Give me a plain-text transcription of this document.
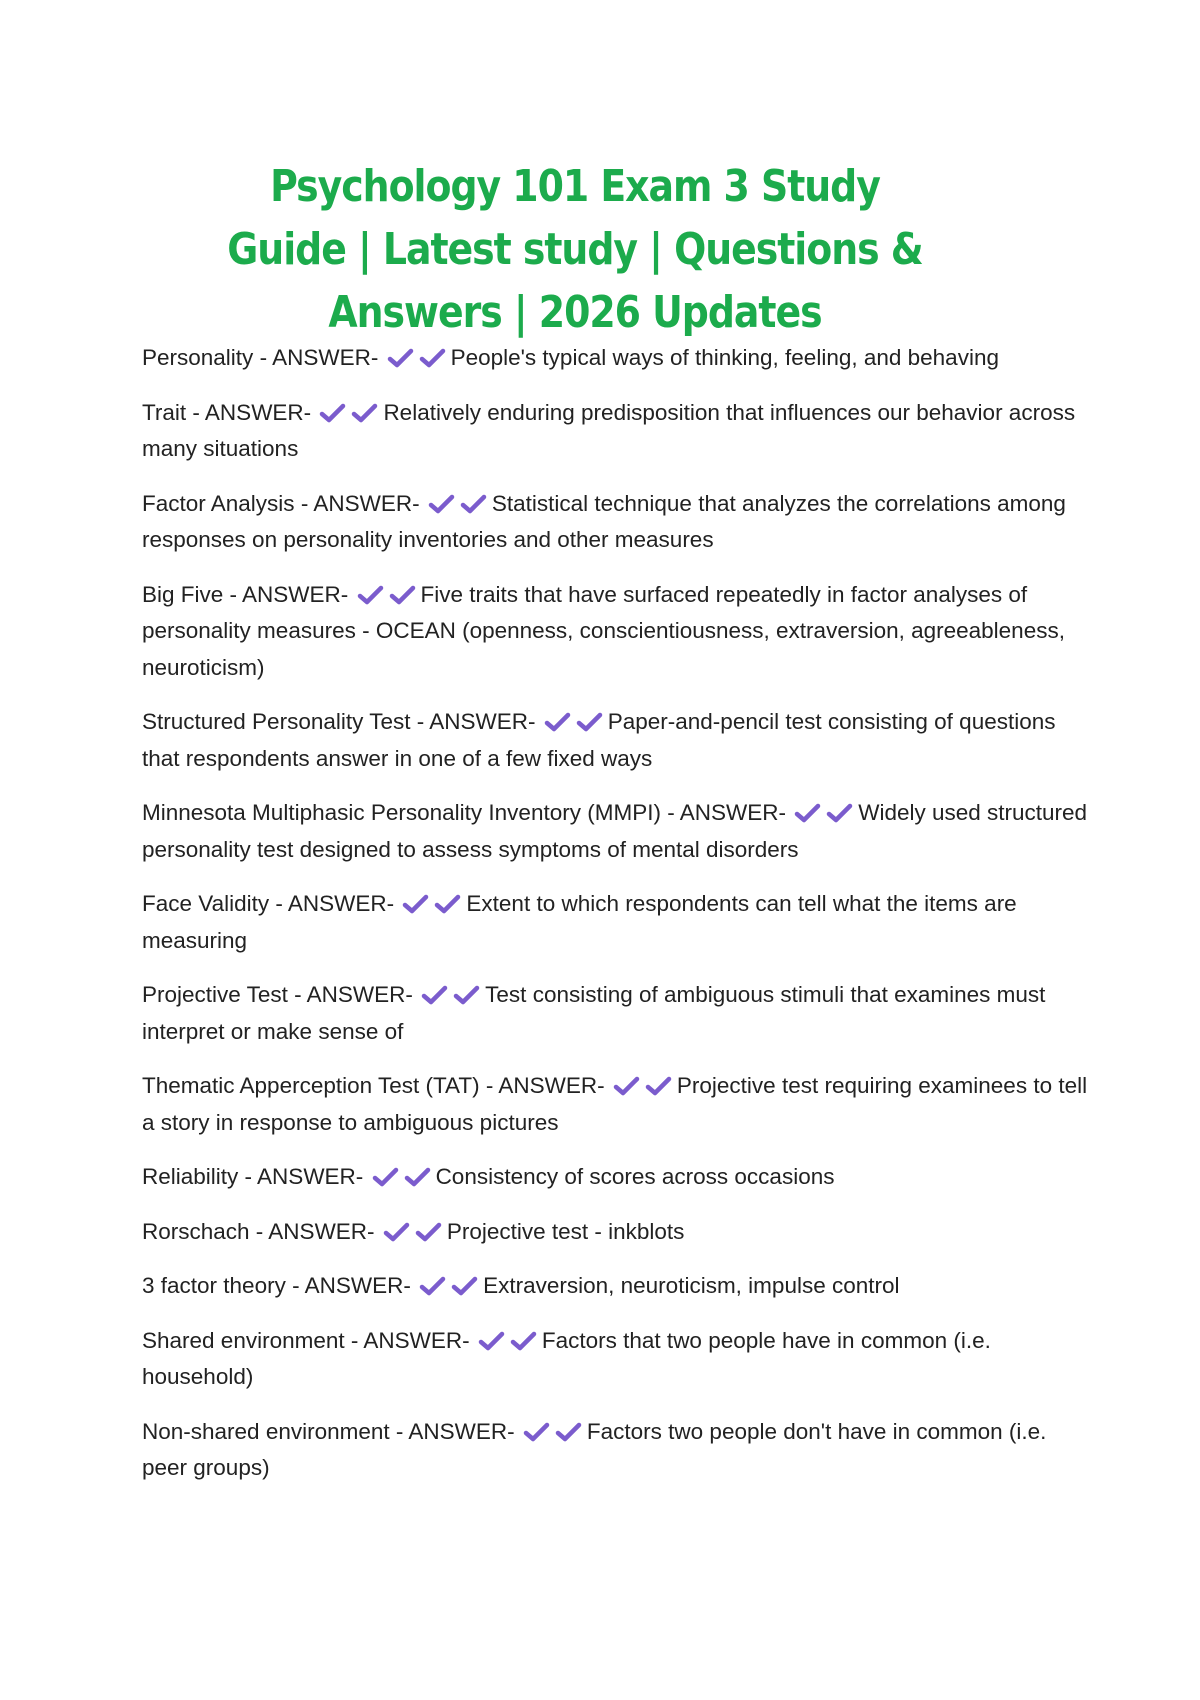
Psychology 101 Exam 3 Study Guide | Latest study | Questions & Answers | 2026 Updates
Personality - ANSWER-	People's typical ways of thinking, feeling, and behaving
Trait - ANSWER-	Relatively enduring predisposition that influences our behavior across many situations
Factor Analysis - ANSWER-	Statistical technique that analyzes the correlations among responses on personality inventories and other measures
Big Five - ANSWER-	Five traits that have surfaced repeatedly in factor analyses of personality measures - OCEAN (openness, conscientiousness, extraversion, agreeableness, neuroticism)
Structured Personality Test - ANSWER-	Paper-and-pencil test consisting of questions that respondents answer in one of a few fixed ways
Minnesota Multiphasic Personality Inventory (MMPI) - ANSWER-	Widely used structured personality test designed to assess symptoms of mental disorders
Face Validity - ANSWER-	Extent to which respondents can tell what the items are measuring
Projective Test - ANSWER-	Test consisting of ambiguous stimuli that examines must interpret or make sense of
Thematic Apperception Test (TAT) - ANSWER-	Projective test requiring examinees to tell a story in response to ambiguous pictures
Reliability - ANSWER-	Consistency of scores across occasions
Rorschach - ANSWER-	Projective test - inkblots
3 factor theory - ANSWER-	Extraversion, neuroticism, impulse control
Shared environment - ANSWER-	Factors that two people have in common (i.e. household)
Non-shared environment - ANSWER-	Factors two people don't have in common (i.e. peer groups)
